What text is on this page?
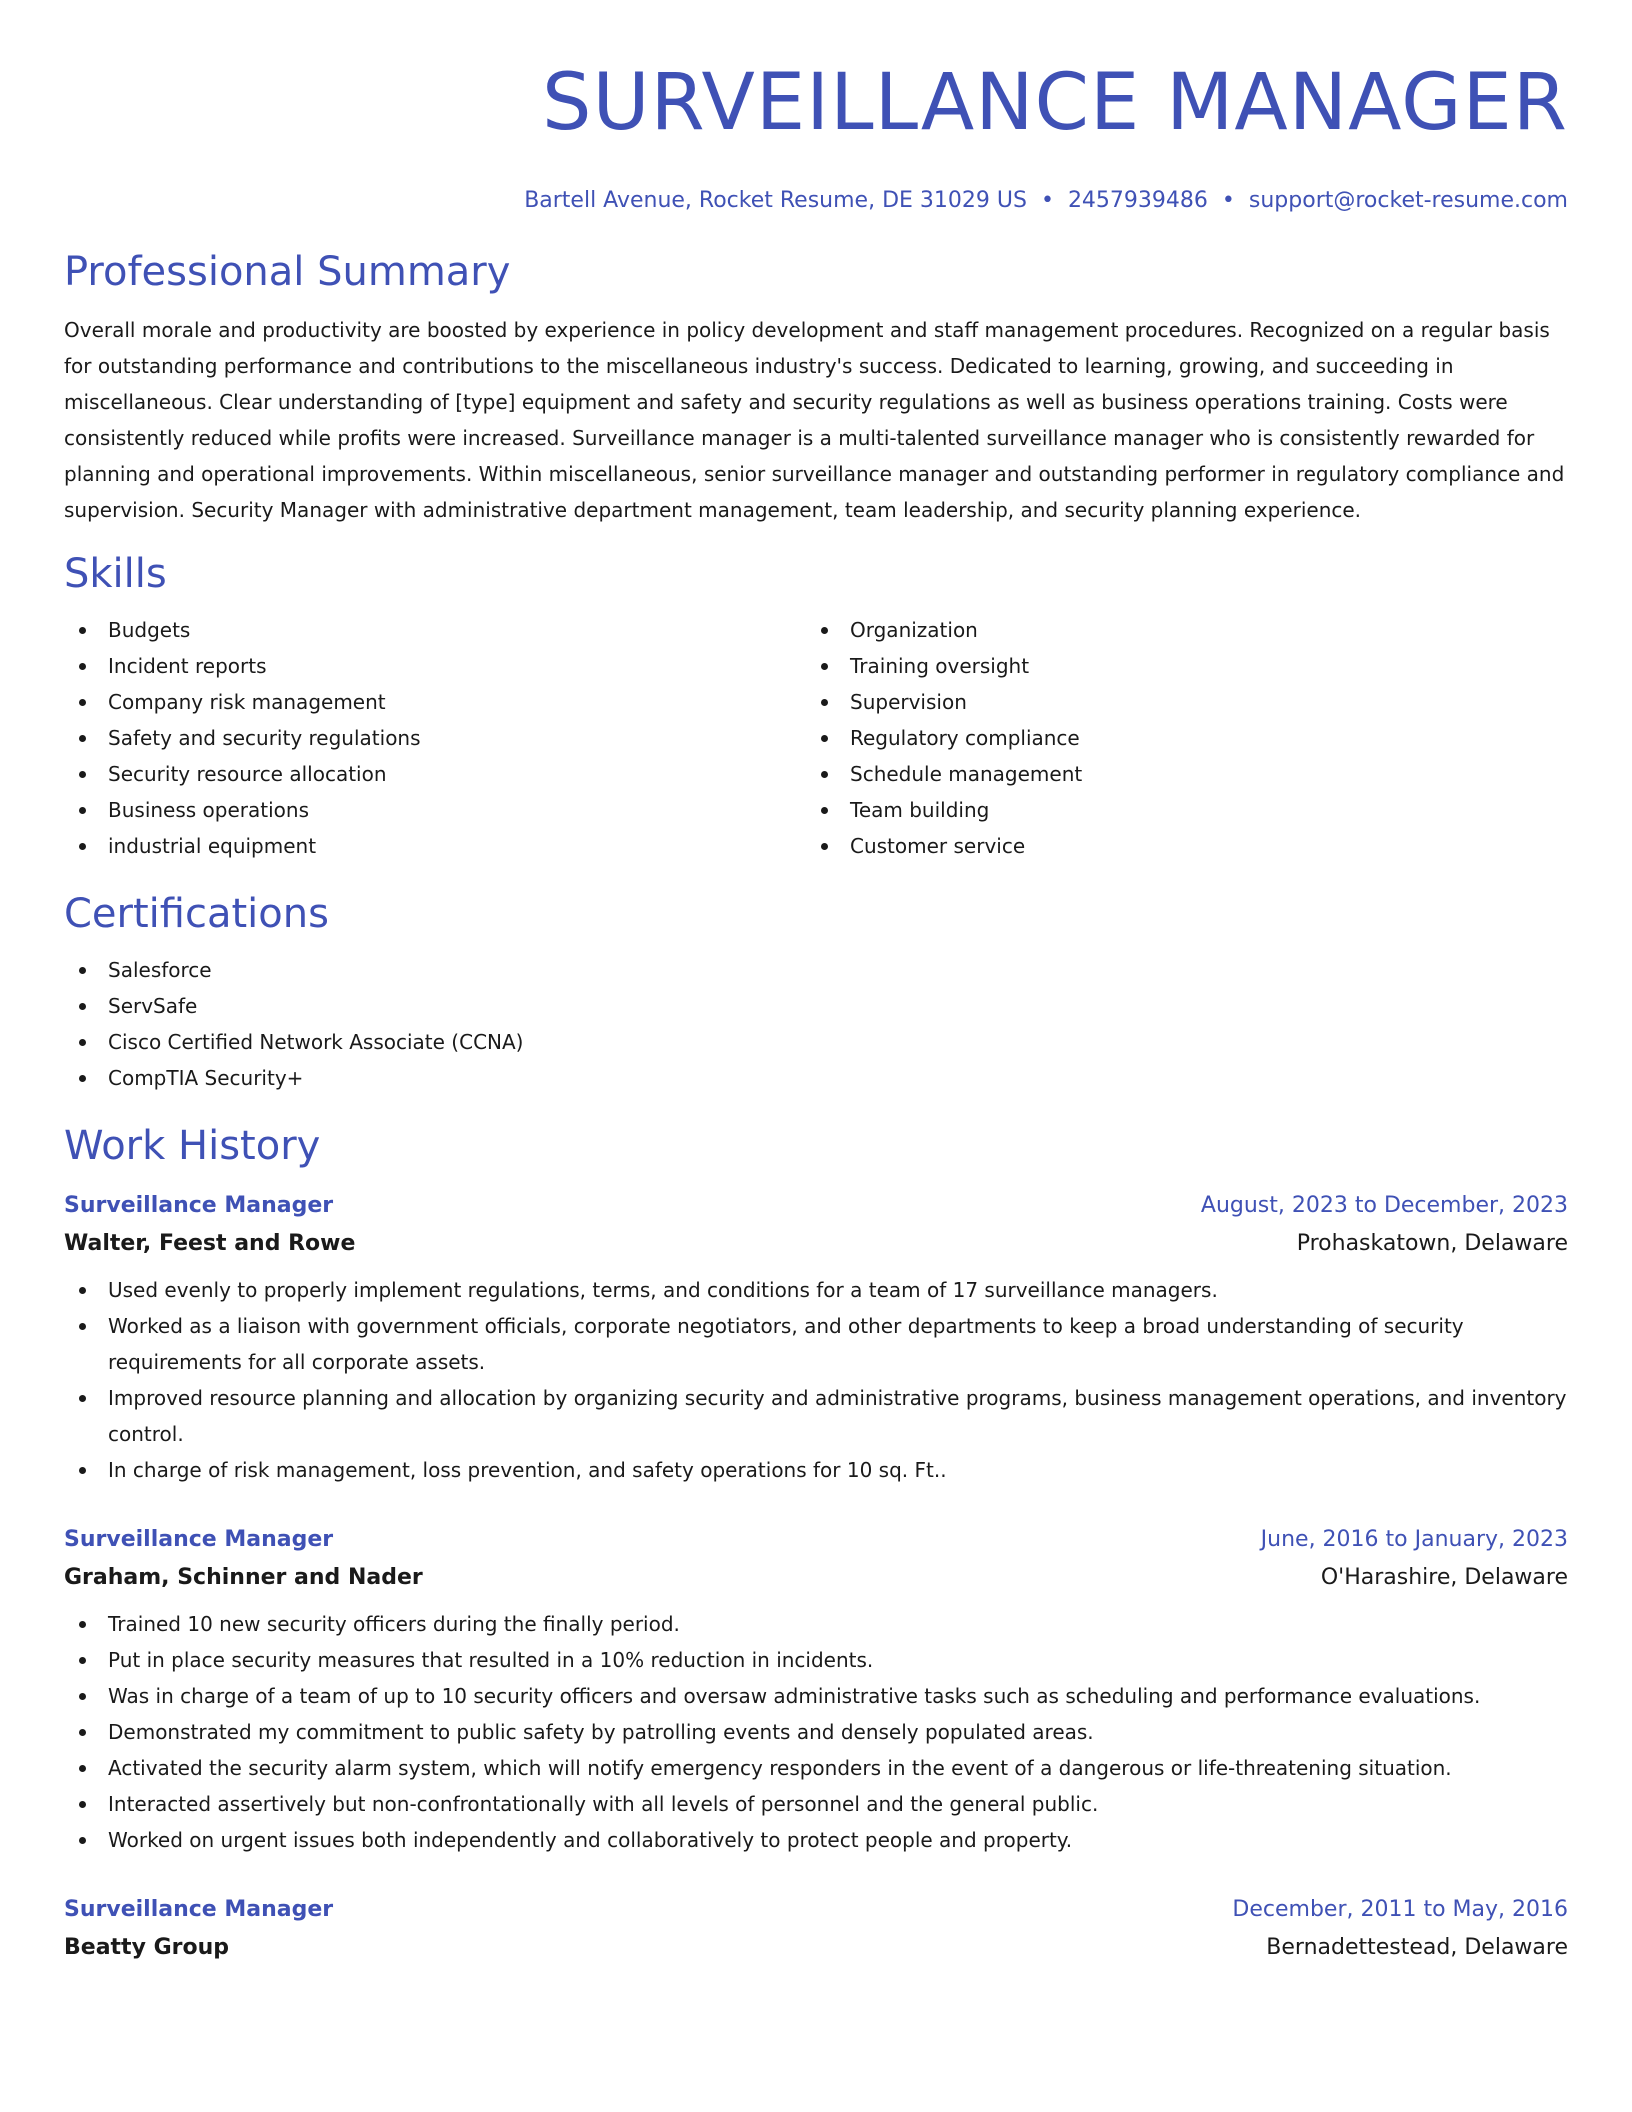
SURVEILLANCE MANAGER
Bartell Avenue, Rocket Resume, DE 31029 US • 2457939486 • support@rocket-resume.com
Professional Summary

Overall morale and productivity are boosted by experience in policy development and staff management procedures. Recognized on a regular basis for outstanding performance and contributions to the miscellaneous industry's success. Dedicated to learning, growing, and succeeding in miscellaneous. Clear understanding of [type] equipment and safety and security regulations as well as business operations training. Costs were consistently reduced while profits were increased. Surveillance manager is a multi-talented surveillance manager who is consistently rewarded for planning and operational improvements. Within miscellaneous, senior surveillance manager and outstanding performer in regulatory compliance and supervision. Security Manager with administrative department management, team leadership, and security planning experience.

Skills
Budgets
Incident reports
Company risk management
Safety and security regulations
Security resource allocation
Business operations
industrial equipment
Organization
Training oversight
Supervision
Regulatory compliance
Schedule management
Team building
Customer service
Certifications
Salesforce
ServSafe
Cisco Certified Network Associate (CCNA)
CompTIA Security+
Work History
Surveillance Manager	August, 2023 to December, 2023
Walter, Feest and Rowe	Prohaskatown, Delaware
Used evenly to properly implement regulations, terms, and conditions for a team of 17 surveillance managers.
Worked as a liaison with government officials, corporate negotiators, and other departments to keep a broad understanding of security requirements for all corporate assets.
Improved resource planning and allocation by organizing security and administrative programs, business management operations, and inventory control.
In charge of risk management, loss prevention, and safety operations for 10 sq. Ft..
Surveillance Manager	June, 2016 to January, 2023
Graham, Schinner and Nader	O'Harashire, Delaware
Trained 10 new security officers during the finally period.
Put in place security measures that resulted in a 10% reduction in incidents.
Was in charge of a team of up to 10 security officers and oversaw administrative tasks such as scheduling and performance evaluations.
Demonstrated my commitment to public safety by patrolling events and densely populated areas.
Activated the security alarm system, which will notify emergency responders in the event of a dangerous or life-threatening situation.
Interacted assertively but non-confrontationally with all levels of personnel and the general public.
Worked on urgent issues both independently and collaboratively to protect people and property.
Surveillance Manager	December, 2011 to May, 2016
Beatty Group	Bernadettestead, Delaware
